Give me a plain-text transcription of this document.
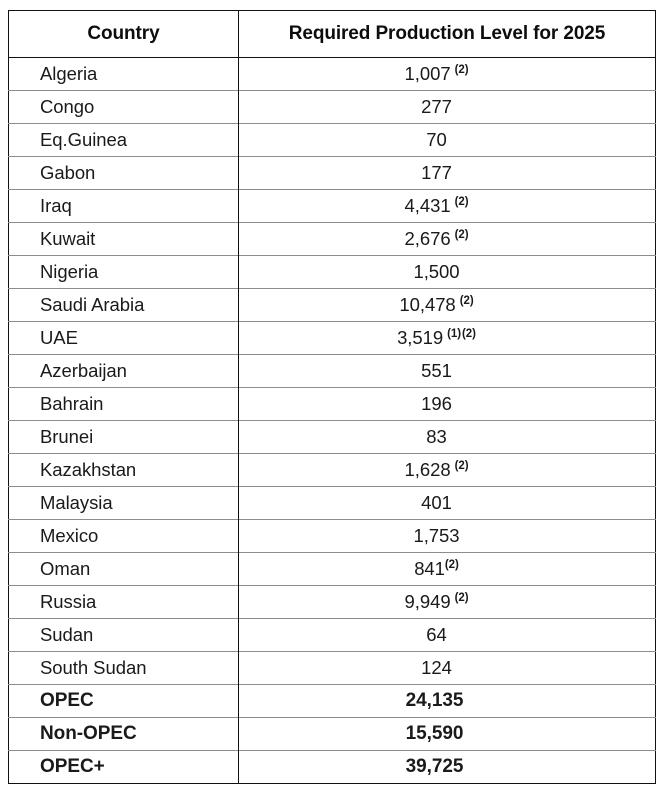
Country	Required Production Level for 2025
Algeria	1,007 $^{(2)}$
Congo	277
Eq.Guinea	70
Gabon	177
Iraq	4,431 $^{(2)}$
Kuwait	2,676 $^{(2)}$
Nigeria	1,500
Saudi Arabia	10,478 $^{(2)}$
UAE	3,519 $^{(1)(2)}$
Azerbaijan	551
Bahrain	196
Brunei	83
Kazakhstan	1,628 $^{(2)}$
Malaysia	401
Mexico	1,753
Oman	841$^{(2)}$
Russia	9,949 $^{(2)}$
Sudan	64
South Sudan	124
OPEC	24,135
Non-OPEC	15,590
OPEC+	39,725
